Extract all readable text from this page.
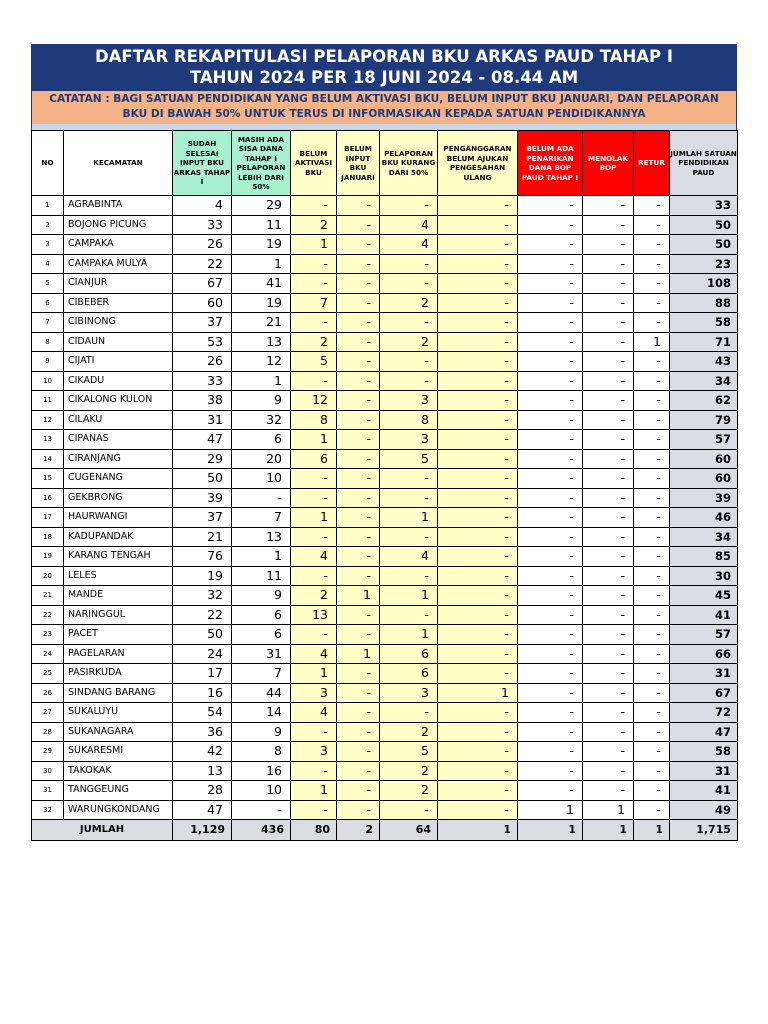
DAFTAR REKAPITULASI PELAPORAN BKU ARKAS PAUD TAHAP I
TAHUN 2024 PER 18 JUNI 2024 - 08.44 AM
CATATAN : BAGI SATUAN PENDIDIKAN YANG BELUM AKTIVASI BKU, BELUM INPUT BKU JANUARI, DAN PELAPORAN
BKU DI BAWAH 50% UNTUK TERUS DI INFORMASIKAN KEPADA SATUAN PENDIDIKANNYA
NO	KECAMATAN	SUDAH SELESAI INPUT BKU ARKAS TAHAP I	MASIH ADA SISA DANA TAHAP I PELAPORAN LEBIH DARI 50%	BELUM AKTIVASI BKU	BELUM INPUT BKU JANUARI	PELAPORAN BKU KURANG DARI 50%	PENGANGGARAN BELUM AJUKAN PENGESAHAN ULANG	BELUM ADA PENARIKAN DANA BOP PAUD TAHAP I	MENOLAK BOP	RETUR	JUMLAH SATUAN PENDIDIKAN PAUD
1	AGRABINTA	4	29	-	-	-	-	-	-	-	33
2	BOJONG PICUNG	33	11	2	-	4	-	-	-	-	50
3	CAMPAKA	26	19	1	-	4	-	-	-	-	50
4	CAMPAKA MULYA	22	1	-	-	-	-	-	-	-	23
5	CIANJUR	67	41	-	-	-	-	-	-	-	108
6	CIBEBER	60	19	7	-	2	-	-	-	-	88
7	CIBINONG	37	21	-	-	-	-	-	-	-	58
8	CIDAUN	53	13	2	-	2	-	-	-	1	71
9	CIJATI	26	12	5	-	-	-	-	-	-	43
10	CIKADU	33	1	-	-	-	-	-	-	-	34
11	CIKALONG KULON	38	9	12	-	3	-	-	-	-	62
12	CILAKU	31	32	8	-	8	-	-	-	-	79
13	CIPANAS	47	6	1	-	3	-	-	-	-	57
14	CIRANJANG	29	20	6	-	5	-	-	-	-	60
15	CUGENANG	50	10	-	-	-	-	-	-	-	60
16	GEKBRONG	39	-	-	-	-	-	-	-	-	39
17	HAURWANGI	37	7	1	-	1	-	-	-	-	46
18	KADUPANDAK	21	13	-	-	-	-	-	-	-	34
19	KARANG TENGAH	76	1	4	-	4	-	-	-	-	85
20	LELES	19	11	-	-	-	-	-	-	-	30
21	MANDE	32	9	2	1	1	-	-	-	-	45
22	NARINGGUL	22	6	13	-	-	-	-	-	-	41
23	PACET	50	6	-	-	1	-	-	-	-	57
24	PAGELARAN	24	31	4	1	6	-	-	-	-	66
25	PASIRKUDA	17	7	1	-	6	-	-	-	-	31
26	SINDANG BARANG	16	44	3	-	3	1	-	-	-	67
27	SUKALUYU	54	14	4	-	-	-	-	-	-	72
28	SUKANAGARA	36	9	-	-	2	-	-	-	-	47
29	SUKARESMI	42	8	3	-	5	-	-	-	-	58
30	TAKOKAK	13	16	-	-	2	-	-	-	-	31
31	TANGGEUNG	28	10	1	-	2	-	-	-	-	41
32	WARUNGKONDANG	47	-	-	-	-	-	1	1	-	49
JUMLAH		1,129	436	80	2	64	1	1	1	1	1,715
